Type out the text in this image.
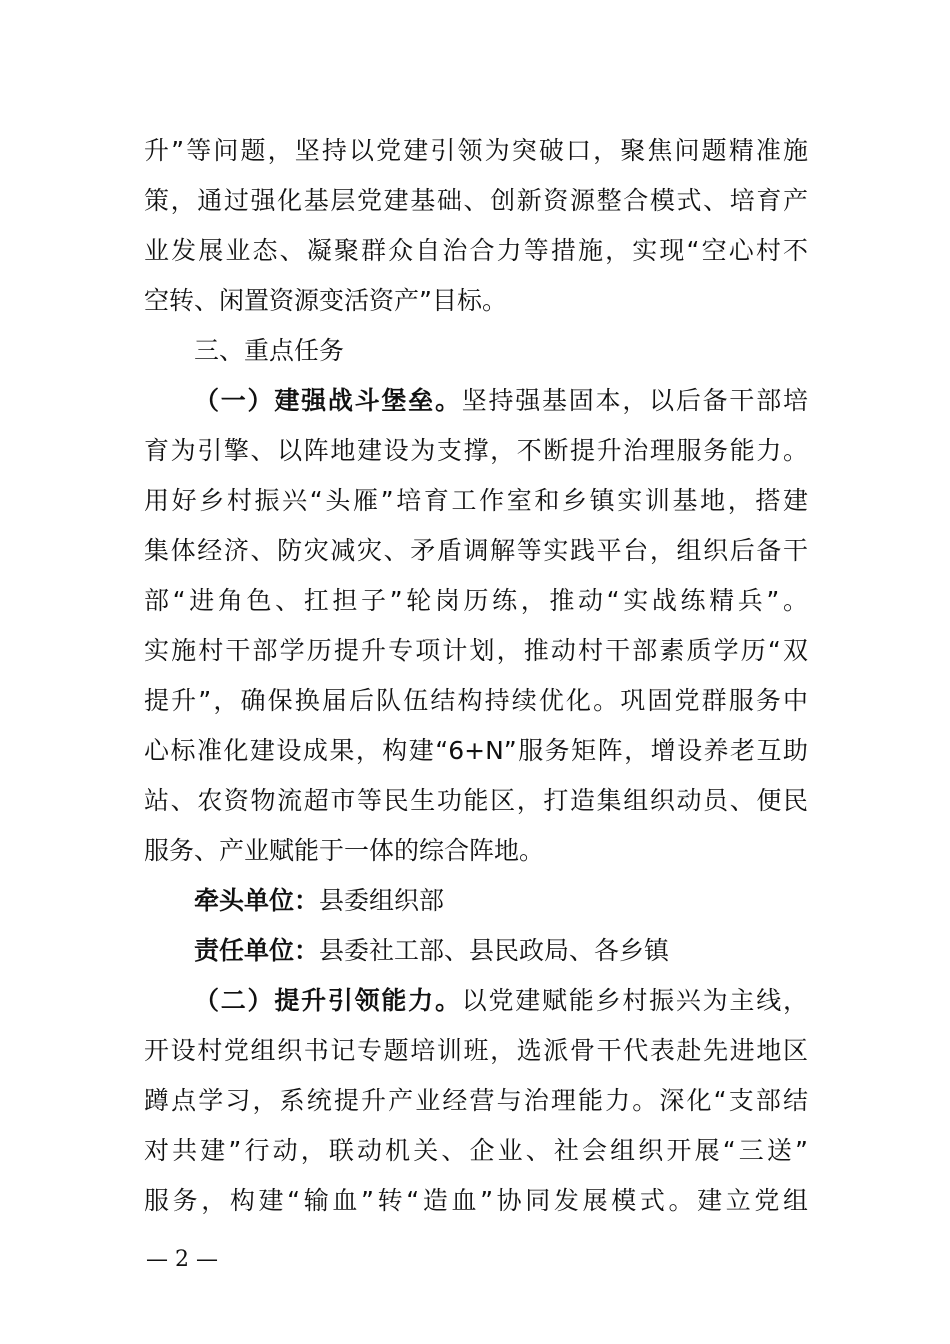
升”等问题，坚持以党建引领为突破口，聚焦问题精准施
策，通过强化基层党建基础、创新资源整合模式、培育产
业发展业态、凝聚群众自治合力等措施，实现“空心村不
空转、闲置资源变活资产”目标。
三、重点任务
（一）建强战斗堡垒。坚持强基固本，以后备干部培
育为引擎、以阵地建设为支撑，不断提升治理服务能力。
用好乡村振兴“头雁”培育工作室和乡镇实训基地，搭建
集体经济、防灾减灾、矛盾调解等实践平台，组织后备干
部“进角色、扛担子”轮岗历练，推动“实战练精兵”。
实施村干部学历提升专项计划，推动村干部素质学历“双
提升”，确保换届后队伍结构持续优化。巩固党群服务中
心标准化建设成果，构建“6+N”服务矩阵，增设养老互助
站、农资物流超市等民生功能区，打造集组织动员、便民
服务、产业赋能于一体的综合阵地。
牵头单位：县委组织部
责任单位：县委社工部、县民政局、各乡镇
（二）提升引领能力。以党建赋能乡村振兴为主线，
开设村党组织书记专题培训班，选派骨干代表赴先进地区
蹲点学习，系统提升产业经营与治理能力。深化“支部结
对共建”行动，联动机关、企业、社会组织开展“三送”
服务，构建“输血”转“造血”协同发展模式。建立党组
— 2 —
